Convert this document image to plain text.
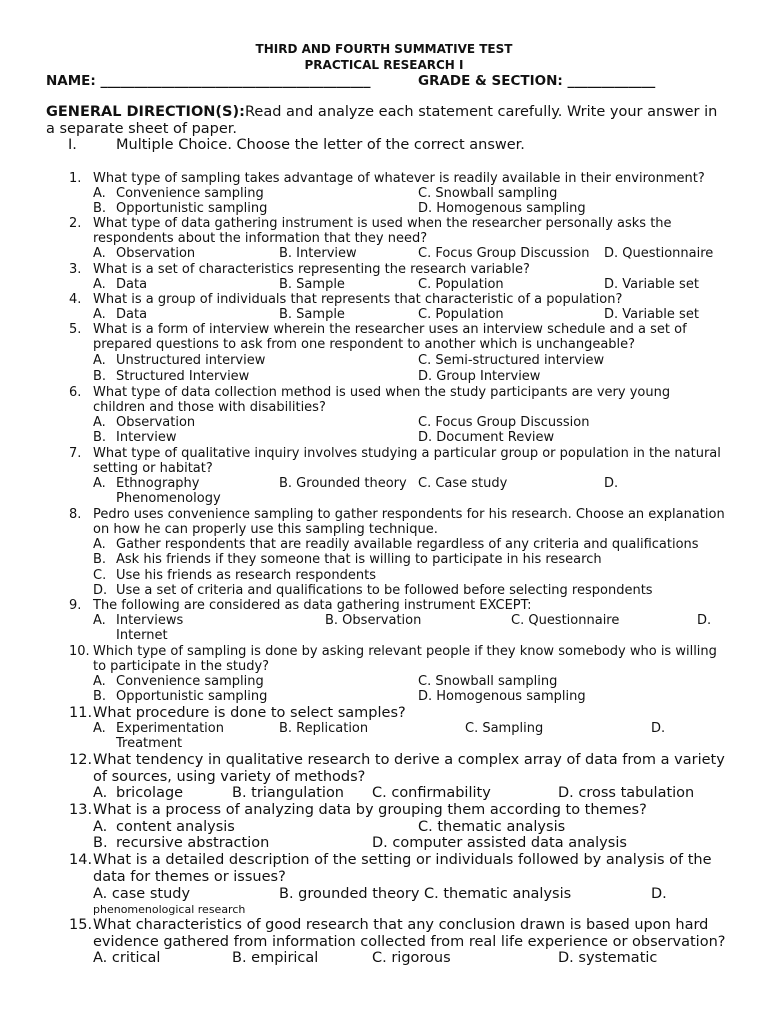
THIRD AND FOURTH SUMMATIVE TEST
PRACTICAL RESEARCH I
NAME: ________________________________________	GRADE & SECTION: _____________
GENERAL DIRECTION(S): Read and analyze each statement carefully. Write your answer in
a separate sheet of paper.
I.	Multiple Choice. Choose the letter of the correct answer.
1. What type of sampling takes advantage of whatever is readily available in their environment?
A. Convenience sampling	C. Snowball sampling
B. Opportunistic sampling	D. Homogenous sampling
2. What type of data gathering instrument is used when the researcher personally asks the
respondents about the information that they need?
A. Observation	B. Interview	C. Focus Group Discussion D. Questionnaire
3. What is a set of characteristics representing the research variable?
A. Data	B. Sample	C. Population	D. Variable set
4. What is a group of individuals that represents that characteristic of a population?
A. Data	B. Sample	C. Population	D. Variable set
5. What is a form of interview wherein the researcher uses an interview schedule and a set of
prepared questions to ask from one respondent to another which is unchangeable?
A. Unstructured interview	C. Semi-structured interview
B. Structured Interview	D. Group Interview
6. What type of data collection method is used when the study participants are very young
children and those with disabilities?
A. Observation	C. Focus Group Discussion
B. Interview	D. Document Review
7. What type of qualitative inquiry involves studying a particular group or population in the natural
setting or habitat?
A. Ethnography	B. Grounded theory C. Case study	D.
Phenomenology
8. Pedro uses convenience sampling to gather respondents for his research. Choose an explanation
on how he can properly use this sampling technique.
A. Gather respondents that are readily available regardless of any criteria and qualifications
B. Ask his friends if they someone that is willing to participate in his research
C. Use his friends as research respondents
D. Use a set of criteria and qualifications to be followed before selecting respondents
9. The following are considered as data gathering instrument EXCEPT:
A. Interviews	B. Observation	C. Questionnaire	D.
Internet
10. Which type of sampling is done by asking relevant people if they know somebody who is willing
to participate in the study?
A. Convenience sampling	C. Snowball sampling
B. Opportunistic sampling	D. Homogenous sampling
11. What procedure is done to select samples?
A. Experimentation	B. Replication	C. Sampling	D.
Treatment
12. What tendency in qualitative research to derive a complex array of data from a variety
of sources, using variety of methods?
A. bricolage	B. triangulation C. confirmability	D. cross tabulation
13. What is a process of analyzing data by grouping them according to themes?
A. content analysis	C. thematic analysis
B. recursive abstraction	D. computer assisted data analysis
14. What is a detailed description of the setting or individuals followed by analysis of the
data for themes or issues?
A. case study	B. grounded theory C. thematic analysis	D.
phenomenological research
15. What characteristics of good research that any conclusion drawn is based upon hard
evidence gathered from information collected from real life experience or observation?
A. critical	B. empirical	C. rigorous	D. systematic
